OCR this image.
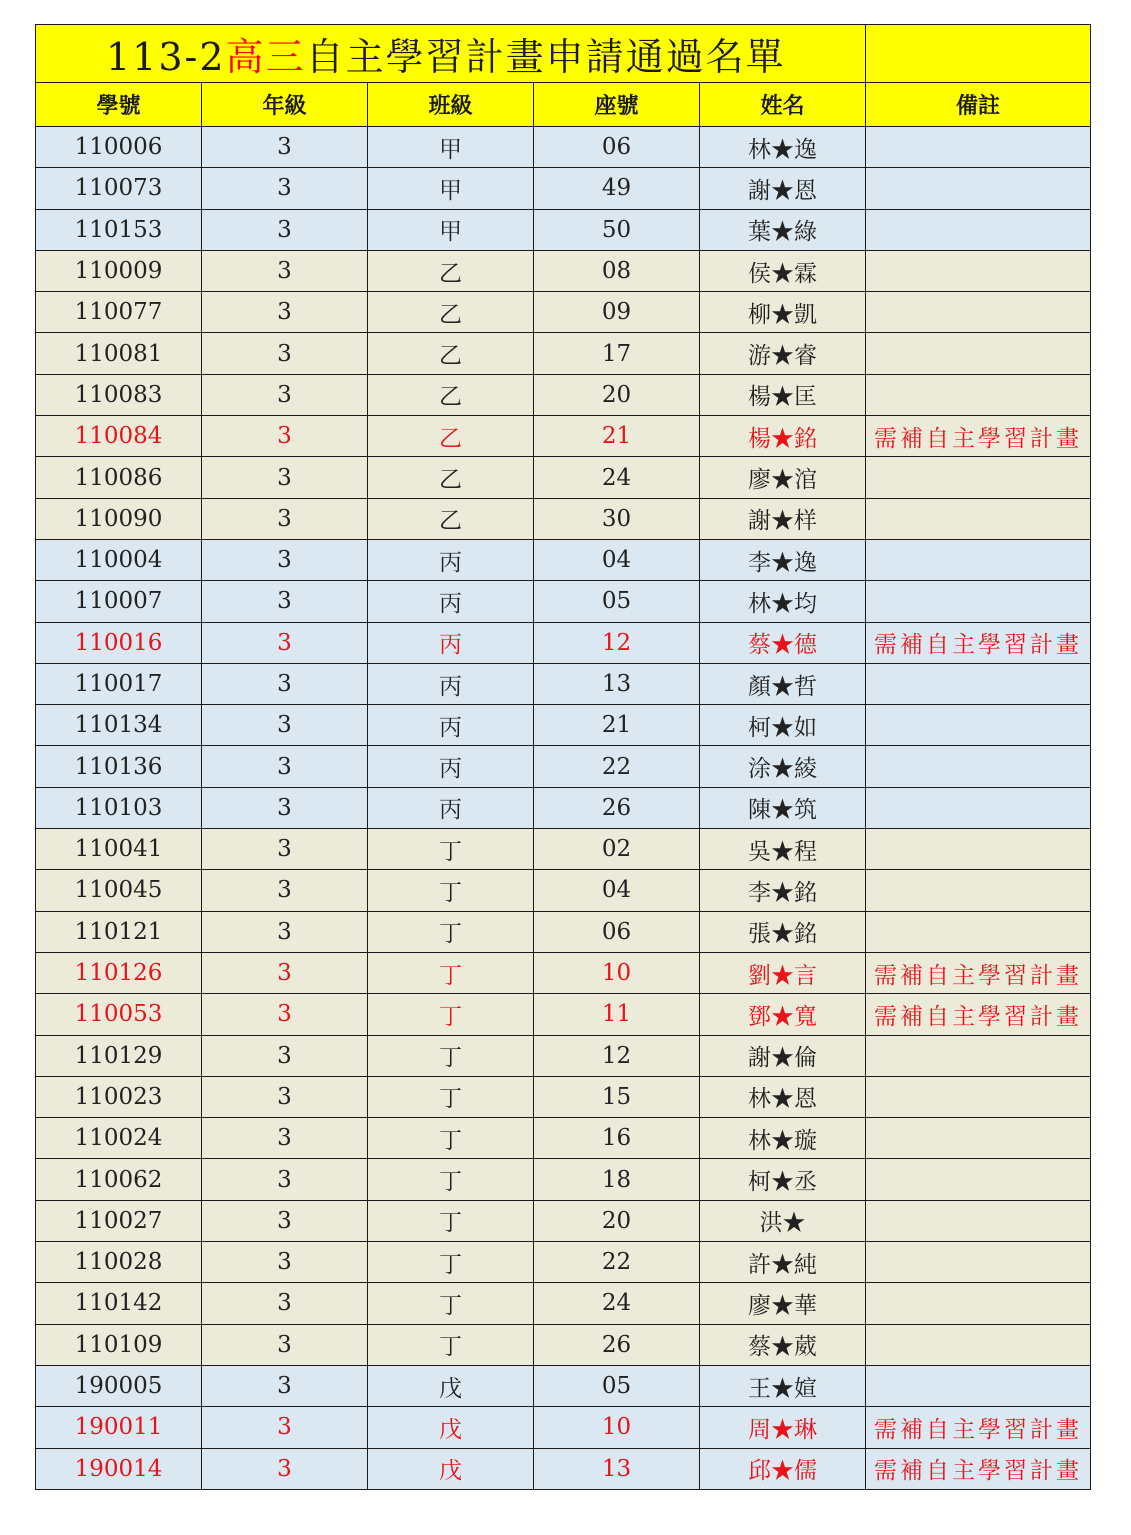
113-2高三自主學習計畫申請通過名單					
學號	年級	班級	座號	姓名	備註
110006	3	甲	06	林★逸	
110073	3	甲	49	謝★恩	
110153	3	甲	50	葉★綠	
110009	3	乙	08	侯★霖	
110077	3	乙	09	柳★凱	
110081	3	乙	17	游★睿	
110083	3	乙	20	楊★匡	
110084	3	乙	21	楊★銘	需補自主學習計畫
110086	3	乙	24	廖★涫	
110090	3	乙	30	謝★样	
110004	3	丙	04	李★逸	
110007	3	丙	05	林★均	
110016	3	丙	12	蔡★德	需補自主學習計畫
110017	3	丙	13	顏★哲	
110134	3	丙	21	柯★如	
110136	3	丙	22	涂★綾	
110103	3	丙	26	陳★筑	
110041	3	丁	02	吳★程	
110045	3	丁	04	李★銘	
110121	3	丁	06	張★銘	
110126	3	丁	10	劉★言	需補自主學習計畫
110053	3	丁	11	鄧★寬	需補自主學習計畫
110129	3	丁	12	謝★倫	
110023	3	丁	15	林★恩	
110024	3	丁	16	林★璇	
110062	3	丁	18	柯★丞	
110027	3	丁	20	洪★	
110028	3	丁	22	許★純	
110142	3	丁	24	廖★華	
110109	3	丁	26	蔡★葳	
190005	3	戊	05	王★媗	
190011	3	戊	10	周★琳	需補自主學習計畫
190014	3	戊	13	邱★儒	需補自主學習計畫
